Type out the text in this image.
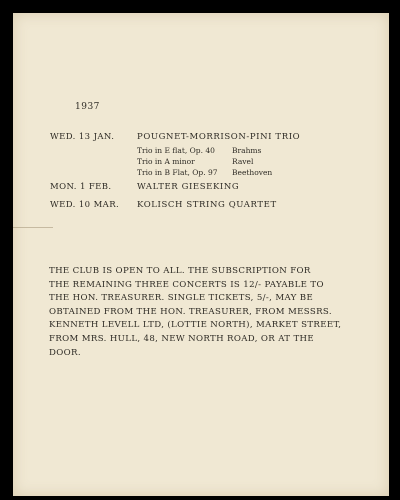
1937
WED. 13 JAN.	POUGNET-MORRISON-PINI TRIO
Trio in E flat, Op. 40 Brahms
Trio in A minor	Ravel
Trio in B Flat, Op. 97 Beethoven
MON. 1 FEB.	WALTER GIESEKING
WED. 10 MAR. KOLISCH STRING QUARTET
THE CLUB IS OPEN TO ALL. THE SUBSCRIPTION FOR
THE REMAINING THREE CONCERTS IS 12/- PAYABLE TO
THE HON. TREASURER. SINGLE TICKETS, 5/-, MAY BE
OBTAINED FROM THE HON. TREASURER, FROM MESSRS.
KENNETH LEVELL LTD, (LOTTIE NORTH), MARKET STREET,
FROM MRS. HULL, 48, NEW NORTH ROAD, OR AT THE
DOOR.
